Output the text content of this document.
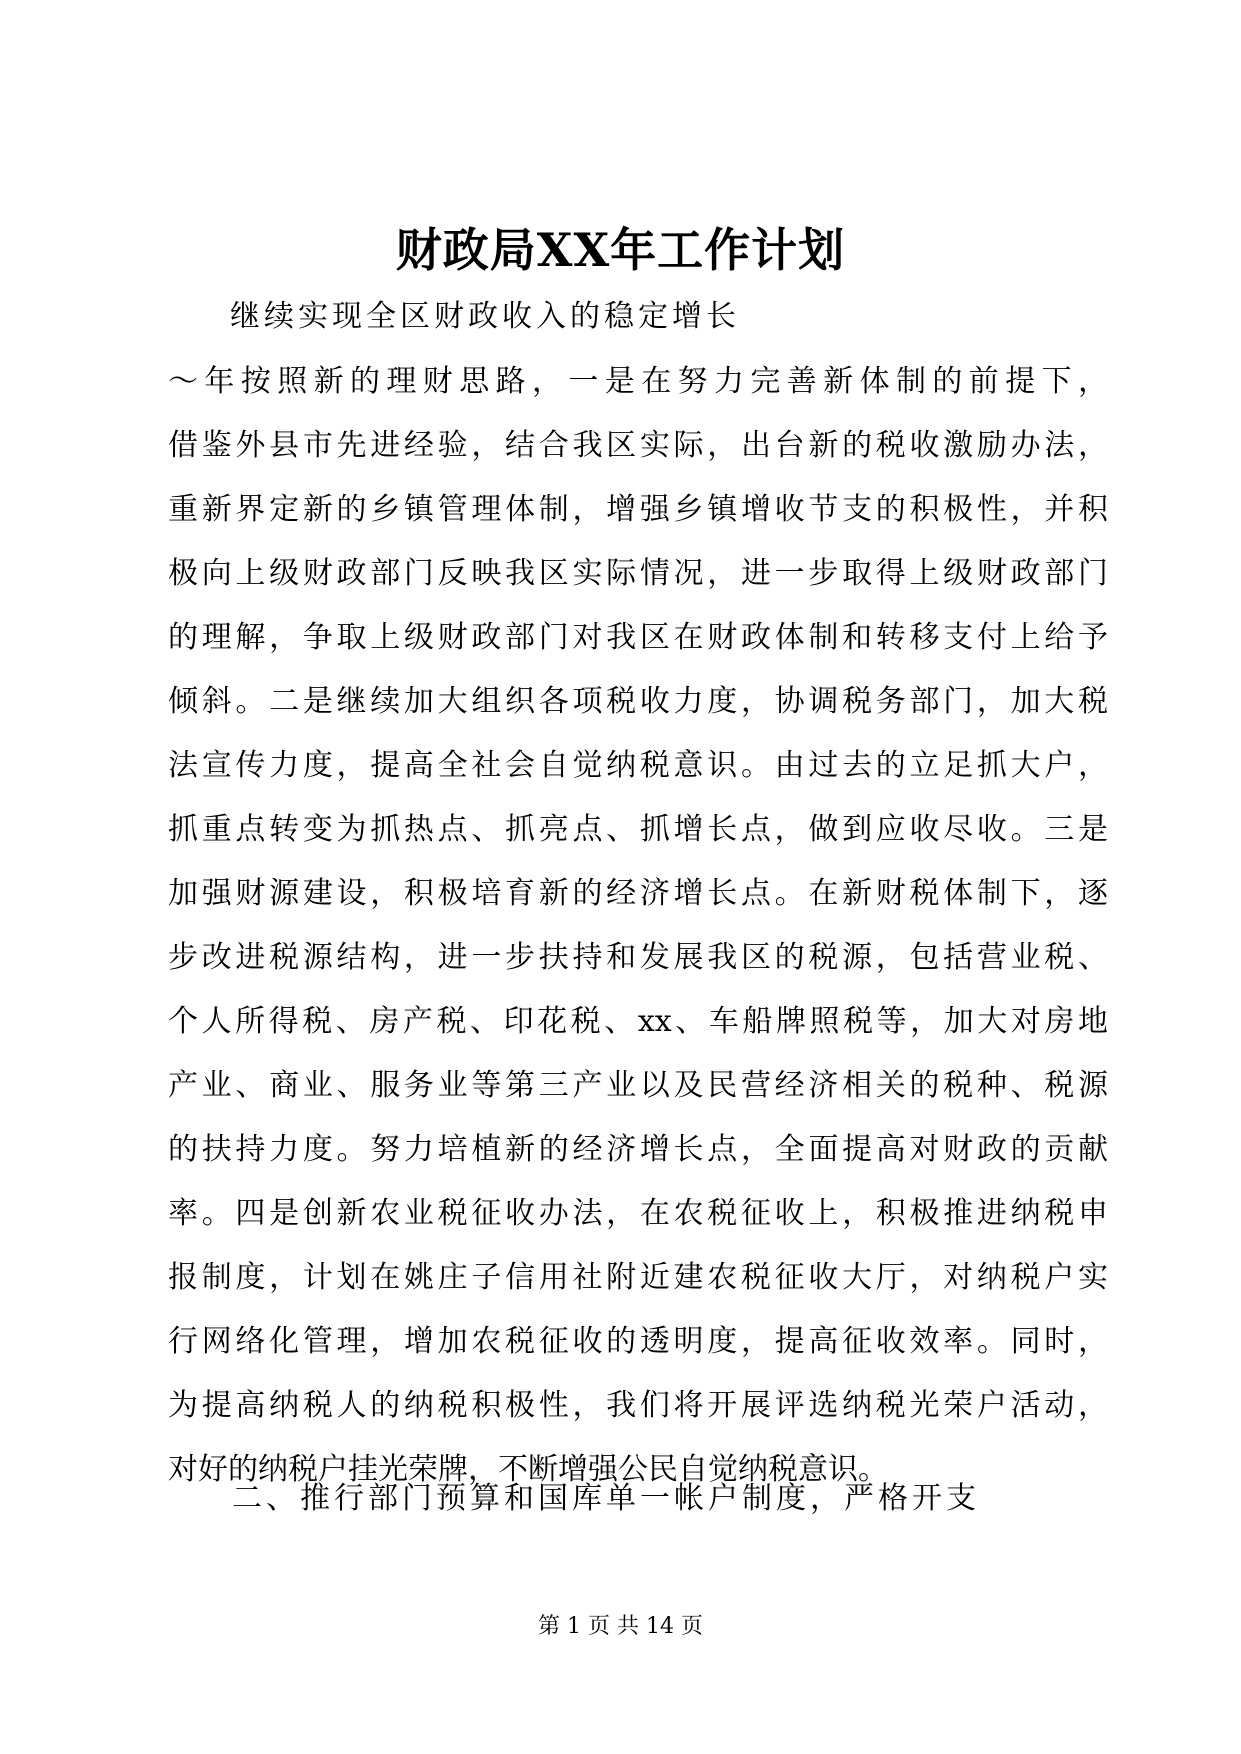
财政局XX年工作计划
继续实现全区财政收入的稳定增长
～年按照新的理财思路，一是在努力完善新体制的前提下，
借鉴外县市先进经验，结合我区实际，出台新的税收激励办法，
重新界定新的乡镇管理体制，增强乡镇增收节支的积极性，并积
极向上级财政部门反映我区实际情况，进一步取得上级财政部门
的理解，争取上级财政部门对我区在财政体制和转移支付上给予
倾斜。二是继续加大组织各项税收力度，协调税务部门，加大税
法宣传力度，提高全社会自觉纳税意识。由过去的立足抓大户，
抓重点转变为抓热点、抓亮点、抓增长点，做到应收尽收。三是
加强财源建设，积极培育新的经济增长点。在新财税体制下，逐
步改进税源结构，进一步扶持和发展我区的税源，包括营业税、
个人所得税、房产税、印花税、xx、车船牌照税等，加大对房地
产业、商业、服务业等第三产业以及民营经济相关的税种、税源
的扶持力度。努力培植新的经济增长点，全面提高对财政的贡献
率。四是创新农业税征收办法，在农税征收上，积极推进纳税申
报制度，计划在姚庄子信用社附近建农税征收大厅，对纳税户实
行网络化管理，增加农税征收的透明度，提高征收效率。同时，
为提高纳税人的纳税积极性，我们将开展评选纳税光荣户活动，
对好的纳税户挂光荣牌，不断增强公民自觉纳税意识。
二、推行部门预算和国库单一帐户制度，严格开支
第 1 页 共 14 页
